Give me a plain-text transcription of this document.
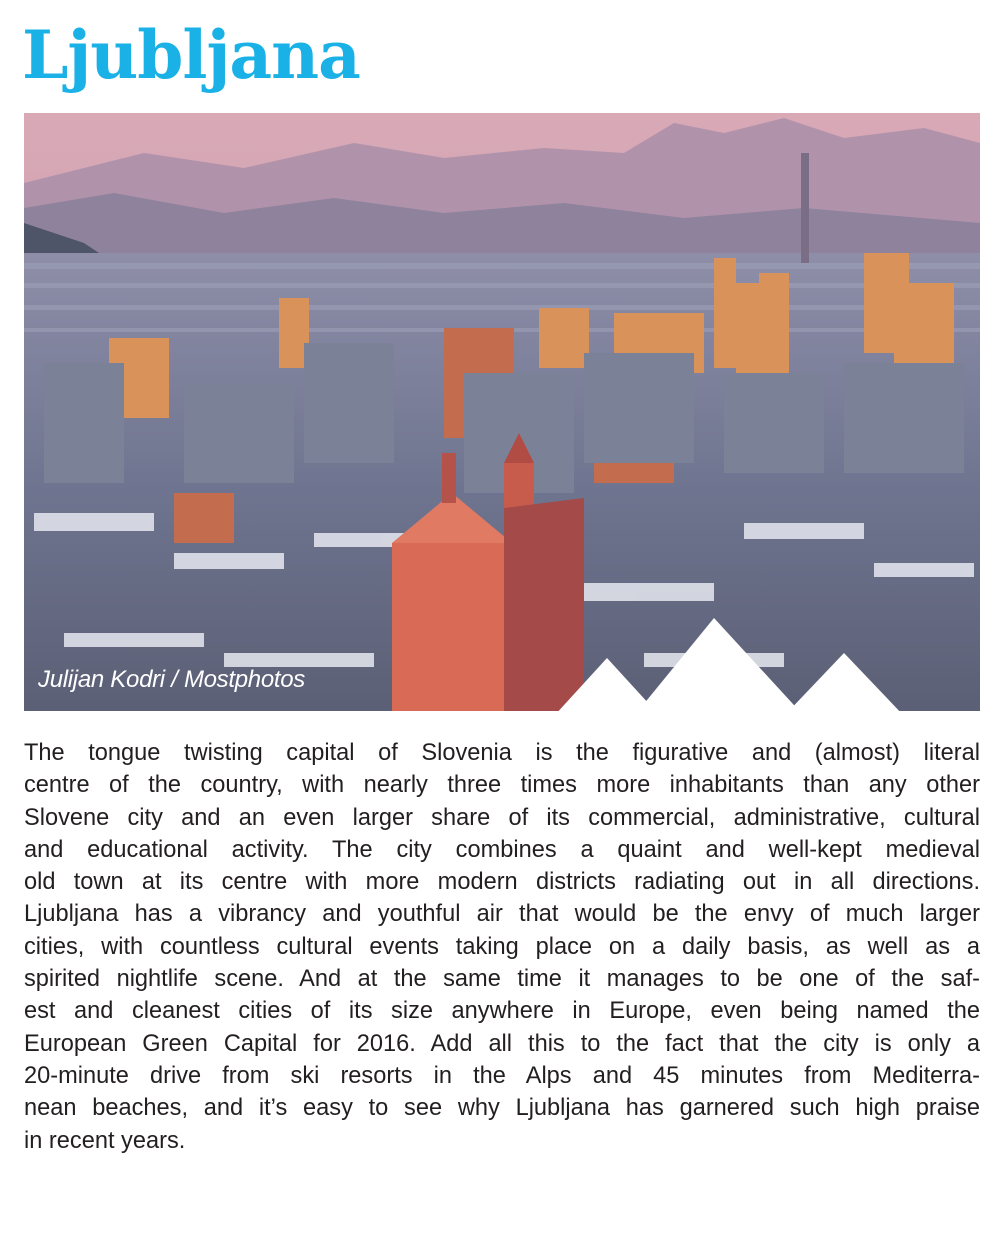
Ljubljana
Julijan Kodri / Mostphotos
The tongue twisting capital of Slovenia is the figurative and (almost) literal
centre of the country, with nearly three times more inhabitants than any other
Slovene city and an even larger share of its commercial, administrative, cultural
and educational activity. The city combines a quaint and well-kept medieval
old town at its centre with more modern districts radiating out in all directions.
Ljubljana has a vibrancy and youthful air that would be the envy of much larger
cities, with countless cultural events taking place on a daily basis, as well as a
spirited nightlife scene. And at the same time it manages to be one of the saf-
est and cleanest cities of its size anywhere in Europe, even being named the
European Green Capital for 2016. Add all this to the fact that the city is only a
20-minute drive from ski resorts in the Alps and 45 minutes from Mediterra-
nean beaches, and it’s easy to see why Ljubljana has garnered such high praise
in recent years.
